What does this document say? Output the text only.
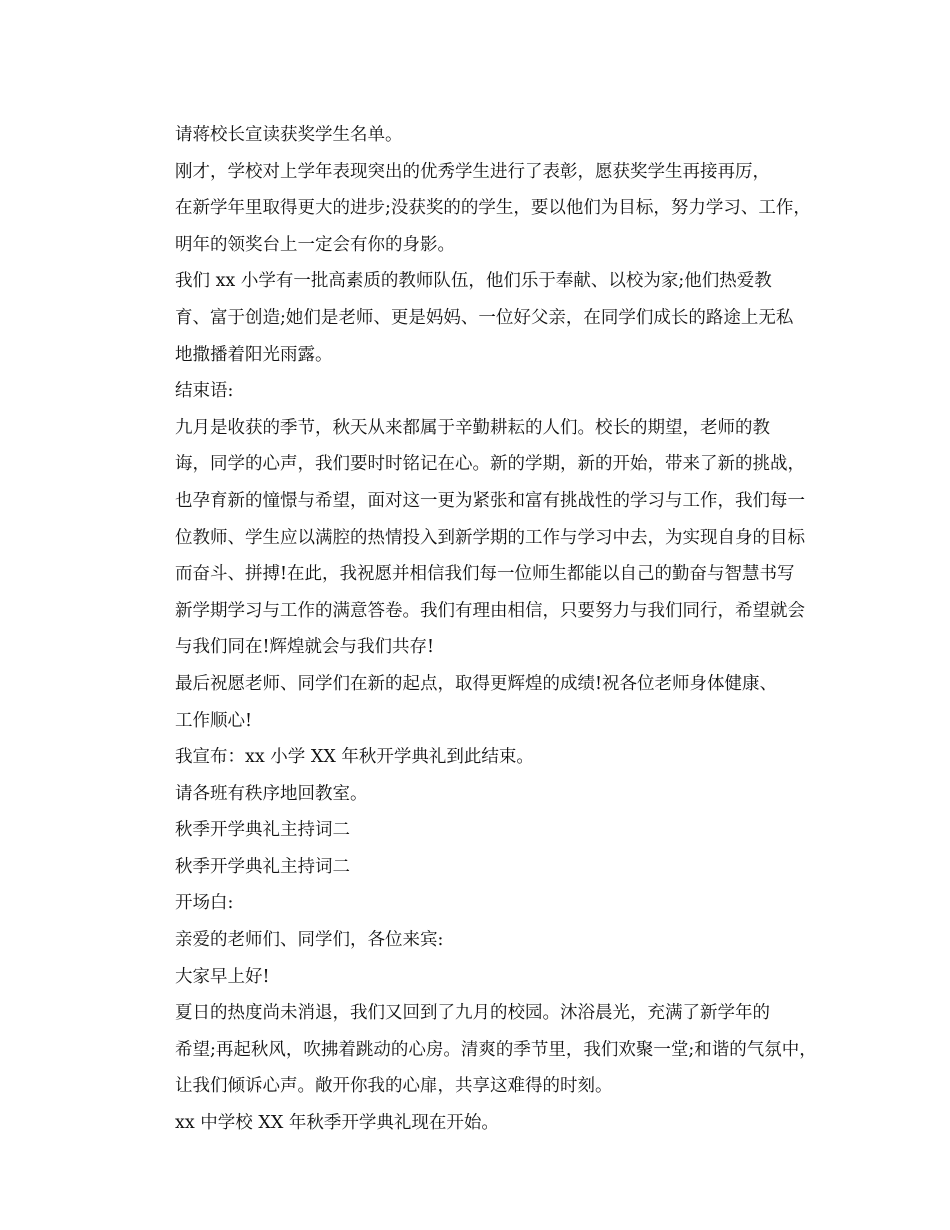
请蒋校长宣读获奖学生名单。

刚才，学校对上学年表现突出的优秀学生进行了表彰，愿获奖学生再接再厉，
在新学年里取得更大的进步;没获奖的的学生，要以他们为目标，努力学习、工作，
明年的领奖台上一定会有你的身影。

我们 xx 小学有一批高素质的教师队伍，他们乐于奉献、以校为家;他们热爱教
育、富于创造;她们是老师、更是妈妈、一位好父亲，在同学们成长的路途上无私
地撒播着阳光雨露。

结束语:

九月是收获的季节，秋天从来都属于辛勤耕耘的人们。校长的期望，老师的教
诲，同学的心声，我们要时时铭记在心。新的学期，新的开始，带来了新的挑战，
也孕育新的憧憬与希望，面对这一更为紧张和富有挑战性的学习与工作，我们每一
位教师、学生应以满腔的热情投入到新学期的工作与学习中去，为实现自身的目标
而奋斗、拼搏!在此，我祝愿并相信我们每一位师生都能以自己的勤奋与智慧书写
新学期学习与工作的满意答卷。我们有理由相信，只要努力与我们同行，希望就会
与我们同在!辉煌就会与我们共存!

最后祝愿老师、同学们在新的起点，取得更辉煌的成绩!祝各位老师身体健康、
工作顺心!

我宣布：xx 小学 XX 年秋开学典礼到此结束。

请各班有秩序地回教室。

秋季开学典礼主持词二

秋季开学典礼主持词二

开场白:

亲爱的老师们、同学们，各位来宾:

大家早上好!

夏日的热度尚未消退，我们又回到了九月的校园。沐浴晨光，充满了新学年的
希望;再起秋风，吹拂着跳动的心房。清爽的季节里，我们欢聚一堂;和谐的气氛中，
让我们倾诉心声。敞开你我的心扉，共享这难得的时刻。

xx 中学校 XX 年秋季开学典礼现在开始。
